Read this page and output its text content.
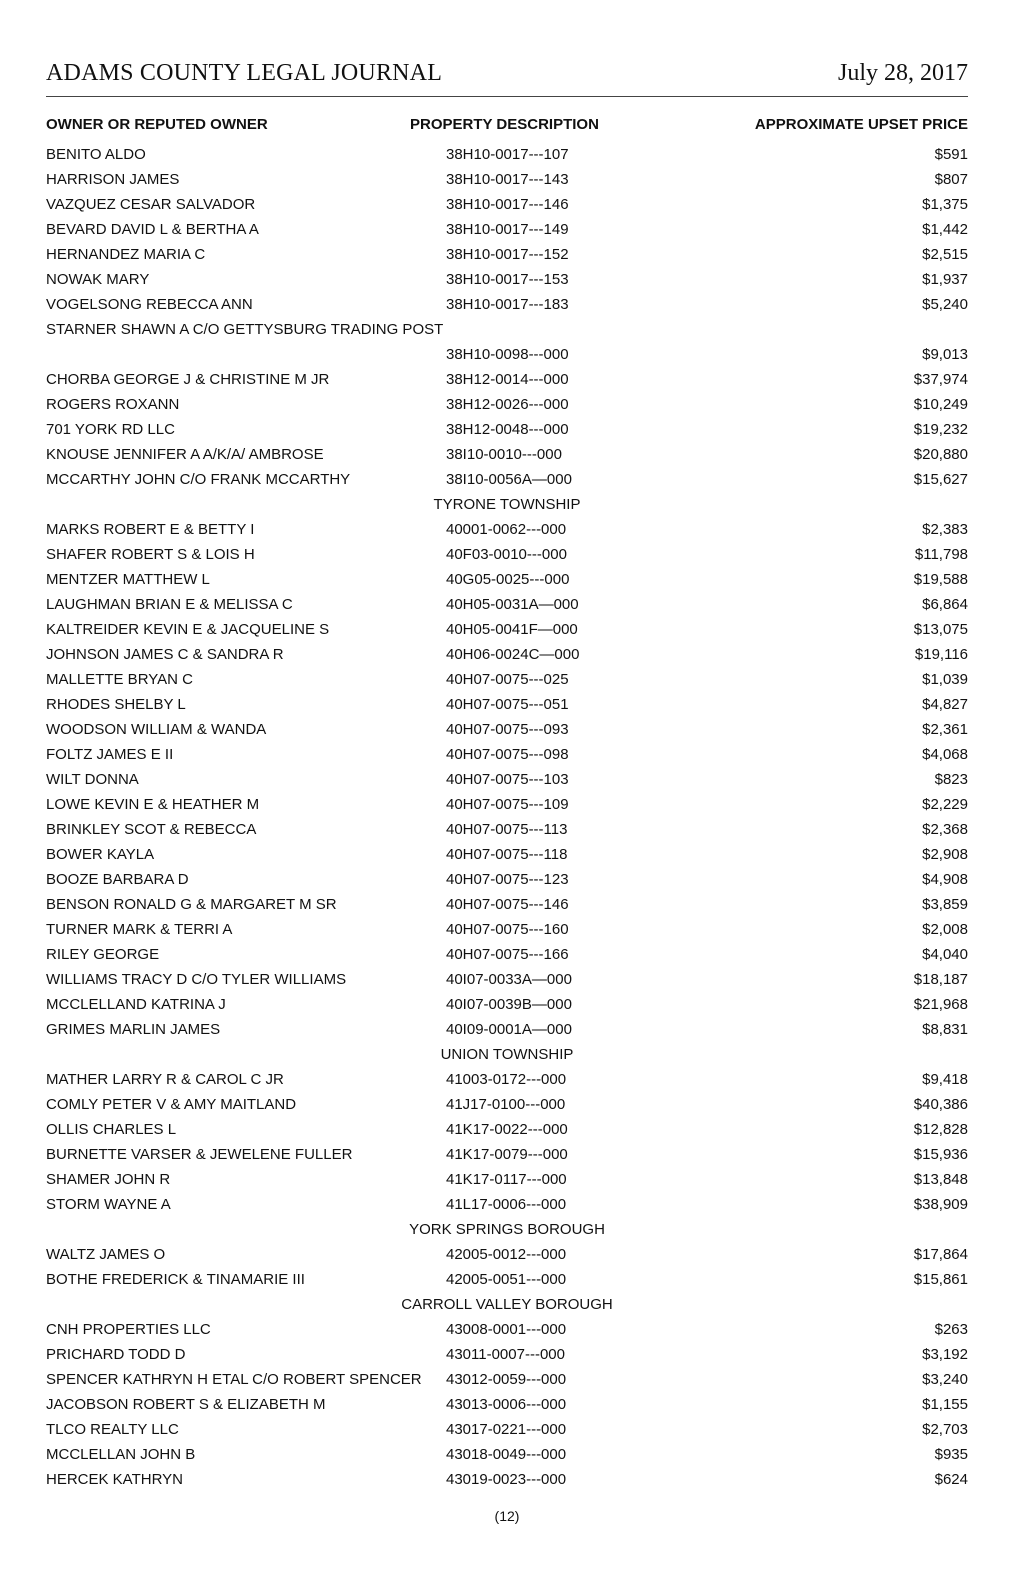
ADAMS COUNTY LEGAL JOURNAL	July 28, 2017
OWNER OR REPUTED OWNER	PROPERTY DESCRIPTION	APPROXIMATE UPSET PRICE
BENITO ALDO	38H10-0017---107	$591
HARRISON JAMES	38H10-0017---143	$807
VAZQUEZ CESAR SALVADOR	38H10-0017---146	$1,375
BEVARD DAVID L & BERTHA A	38H10-0017---149	$1,442
HERNANDEZ MARIA C	38H10-0017---152	$2,515
NOWAK MARY	38H10-0017---153	$1,937
VOGELSONG REBECCA ANN	38H10-0017---183	$5,240
STARNER SHAWN A C/O GETTYSBURG TRADING POST
38H10-0098---000	$9,013
CHORBA GEORGE J & CHRISTINE M JR	38H12-0014---000	$37,974
ROGERS ROXANN	38H12-0026---000	$10,249
701 YORK RD LLC	38H12-0048---000	$19,232
KNOUSE JENNIFER A A/K/A/ AMBROSE	38I10-0010---000	$20,880
MCCARTHY JOHN C/O FRANK MCCARTHY	38I10-0056A—000	$15,627
TYRONE TOWNSHIP
MARKS ROBERT E & BETTY I	40001-0062---000	$2,383
SHAFER ROBERT S & LOIS H	40F03-0010---000	$11,798
MENTZER MATTHEW L	40G05-0025---000	$19,588
LAUGHMAN BRIAN E & MELISSA C	40H05-0031A—000	$6,864
KALTREIDER KEVIN E & JACQUELINE S	40H05-0041F—000	$13,075
JOHNSON JAMES C & SANDRA R	40H06-0024C—000	$19,116
MALLETTE BRYAN C	40H07-0075---025	$1,039
RHODES SHELBY L	40H07-0075---051	$4,827
WOODSON WILLIAM & WANDA	40H07-0075---093	$2,361
FOLTZ JAMES E II	40H07-0075---098	$4,068
WILT DONNA	40H07-0075---103	$823
LOWE KEVIN E & HEATHER M	40H07-0075---109	$2,229
BRINKLEY SCOT & REBECCA	40H07-0075---113	$2,368
BOWER KAYLA	40H07-0075---118	$2,908
BOOZE BARBARA D	40H07-0075---123	$4,908
BENSON RONALD G & MARGARET M SR	40H07-0075---146	$3,859
TURNER MARK & TERRI A	40H07-0075---160	$2,008
RILEY GEORGE	40H07-0075---166	$4,040
WILLIAMS TRACY D C/O TYLER WILLIAMS	40I07-0033A—000	$18,187
MCCLELLAND KATRINA J	40I07-0039B—000	$21,968
GRIMES MARLIN JAMES	40I09-0001A—000	$8,831
UNION TOWNSHIP
MATHER LARRY R & CAROL C JR	41003-0172---000	$9,418
COMLY PETER V & AMY MAITLAND	41J17-0100---000	$40,386
OLLIS CHARLES L	41K17-0022---000	$12,828
BURNETTE VARSER & JEWELENE FULLER	41K17-0079---000	$15,936
SHAMER JOHN R	41K17-0117---000	$13,848
STORM WAYNE A	41L17-0006---000	$38,909
YORK SPRINGS BOROUGH
WALTZ JAMES O	42005-0012---000	$17,864
BOTHE FREDERICK & TINAMARIE III	42005-0051---000	$15,861
CARROLL VALLEY BOROUGH
CNH PROPERTIES LLC	43008-0001---000	$263
PRICHARD TODD D	43011-0007---000	$3,192
SPENCER KATHRYN H ETAL C/O ROBERT SPENCER 43012-0059---000	$3,240
JACOBSON ROBERT S & ELIZABETH M	43013-0006---000	$1,155
TLCO REALTY LLC	43017-0221---000	$2,703
MCCLELLAN JOHN B	43018-0049---000	$935
HERCEK KATHRYN	43019-0023---000	$624
(12)
